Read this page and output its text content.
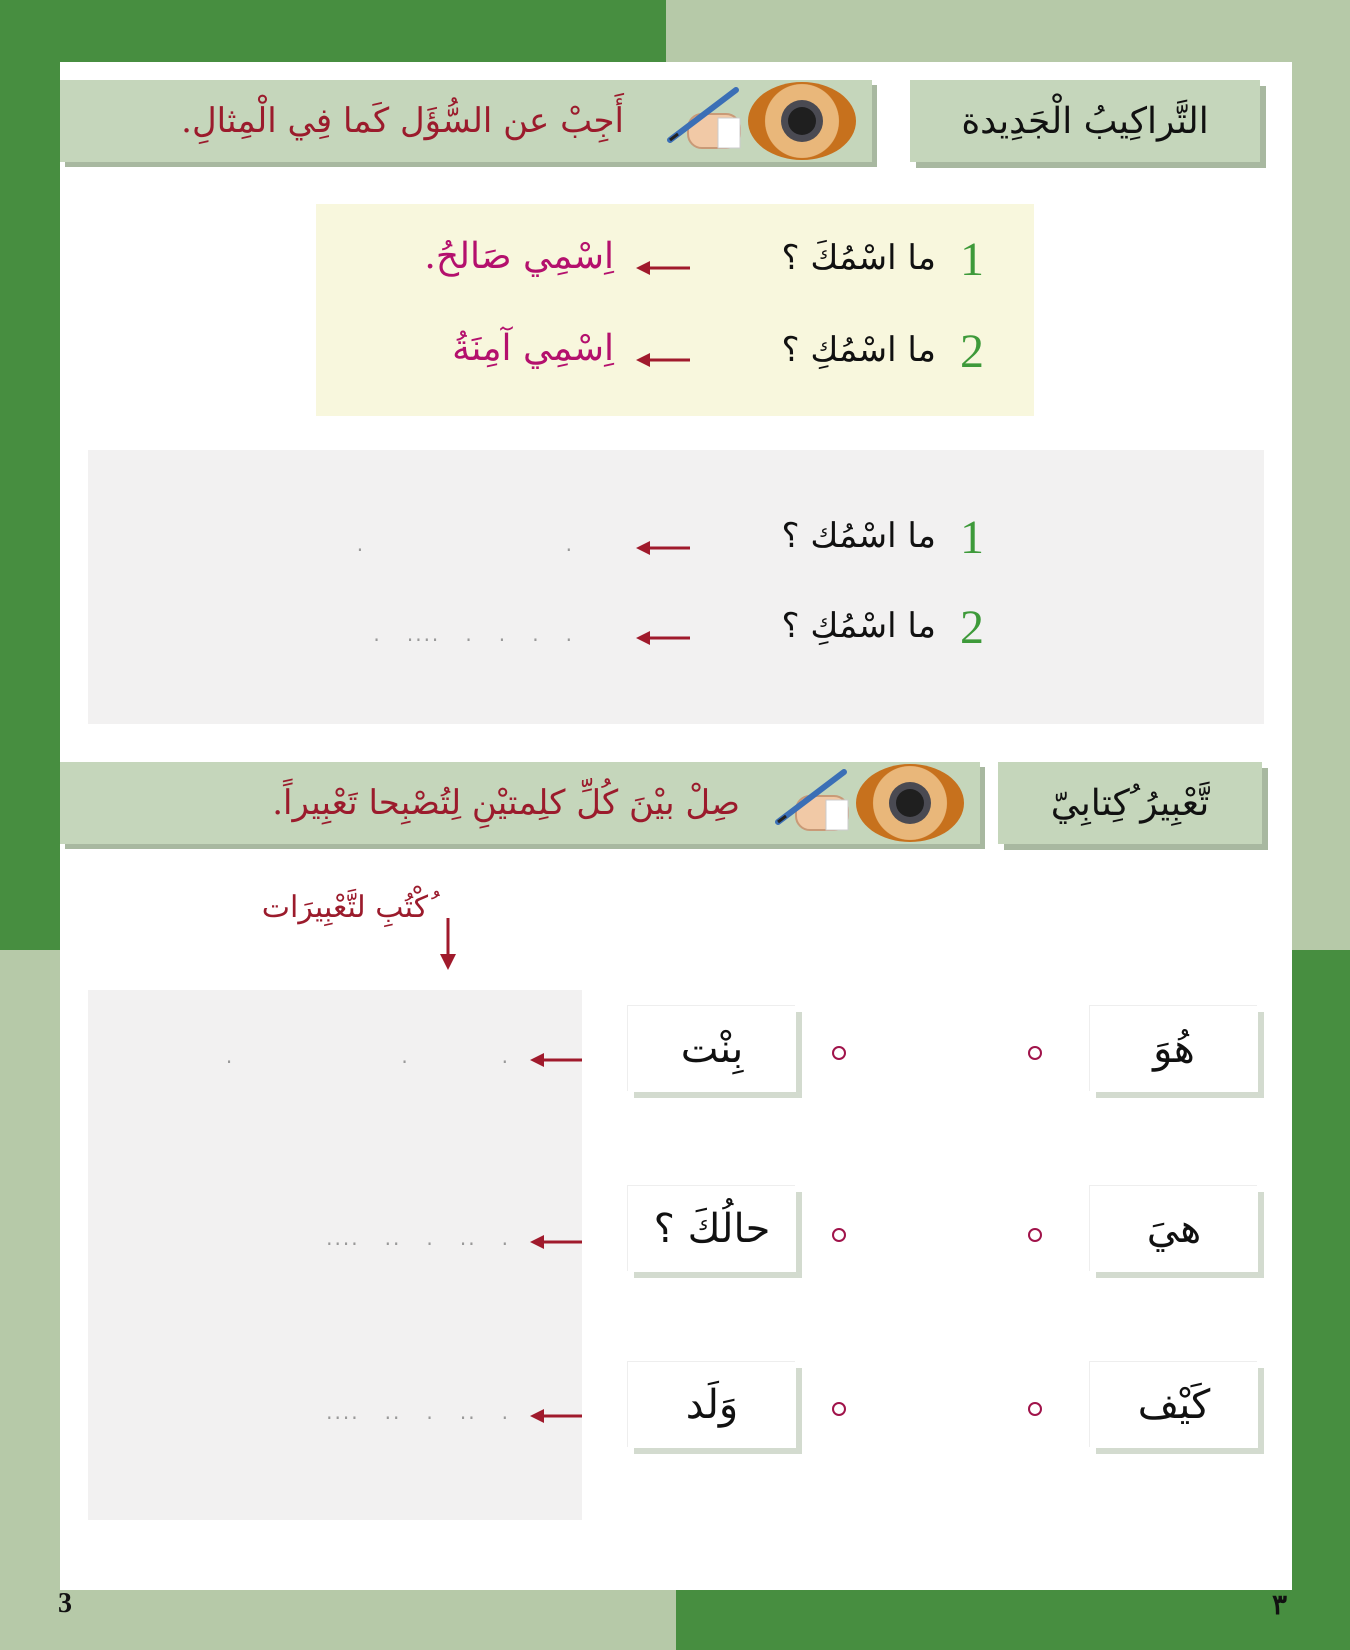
التَّراكِيبُ الْجَدِيدة
أَجِبْ عن السُّؤَل كَما فِي الْمِثالِ.
1
ما اسْمُكَ ؟
اِسْمِي صَالحُ.
2
ما اسْمُكِ ؟
اِسْمِي آمِنَةُ
1
ما اسْمُك ؟
.                        .
2
ما اسْمُكِ ؟
.   ....   .   .   .   .
تَّعْبِيرُ ُكِتابِيّ
صِلْ بيْنَ كُلِّ كلِمتيْنِ لِتُصْبِحا تَعْبِيراً.
ُكْتُبِ لتَّعْبِيرَات
هُوَ
بِنْت
.                    .           .
هيَ
حالُكَ ؟
....   ..   .   ..   .
كَيْف
وَلَد
....   ..   .   ..   .
3	٣
